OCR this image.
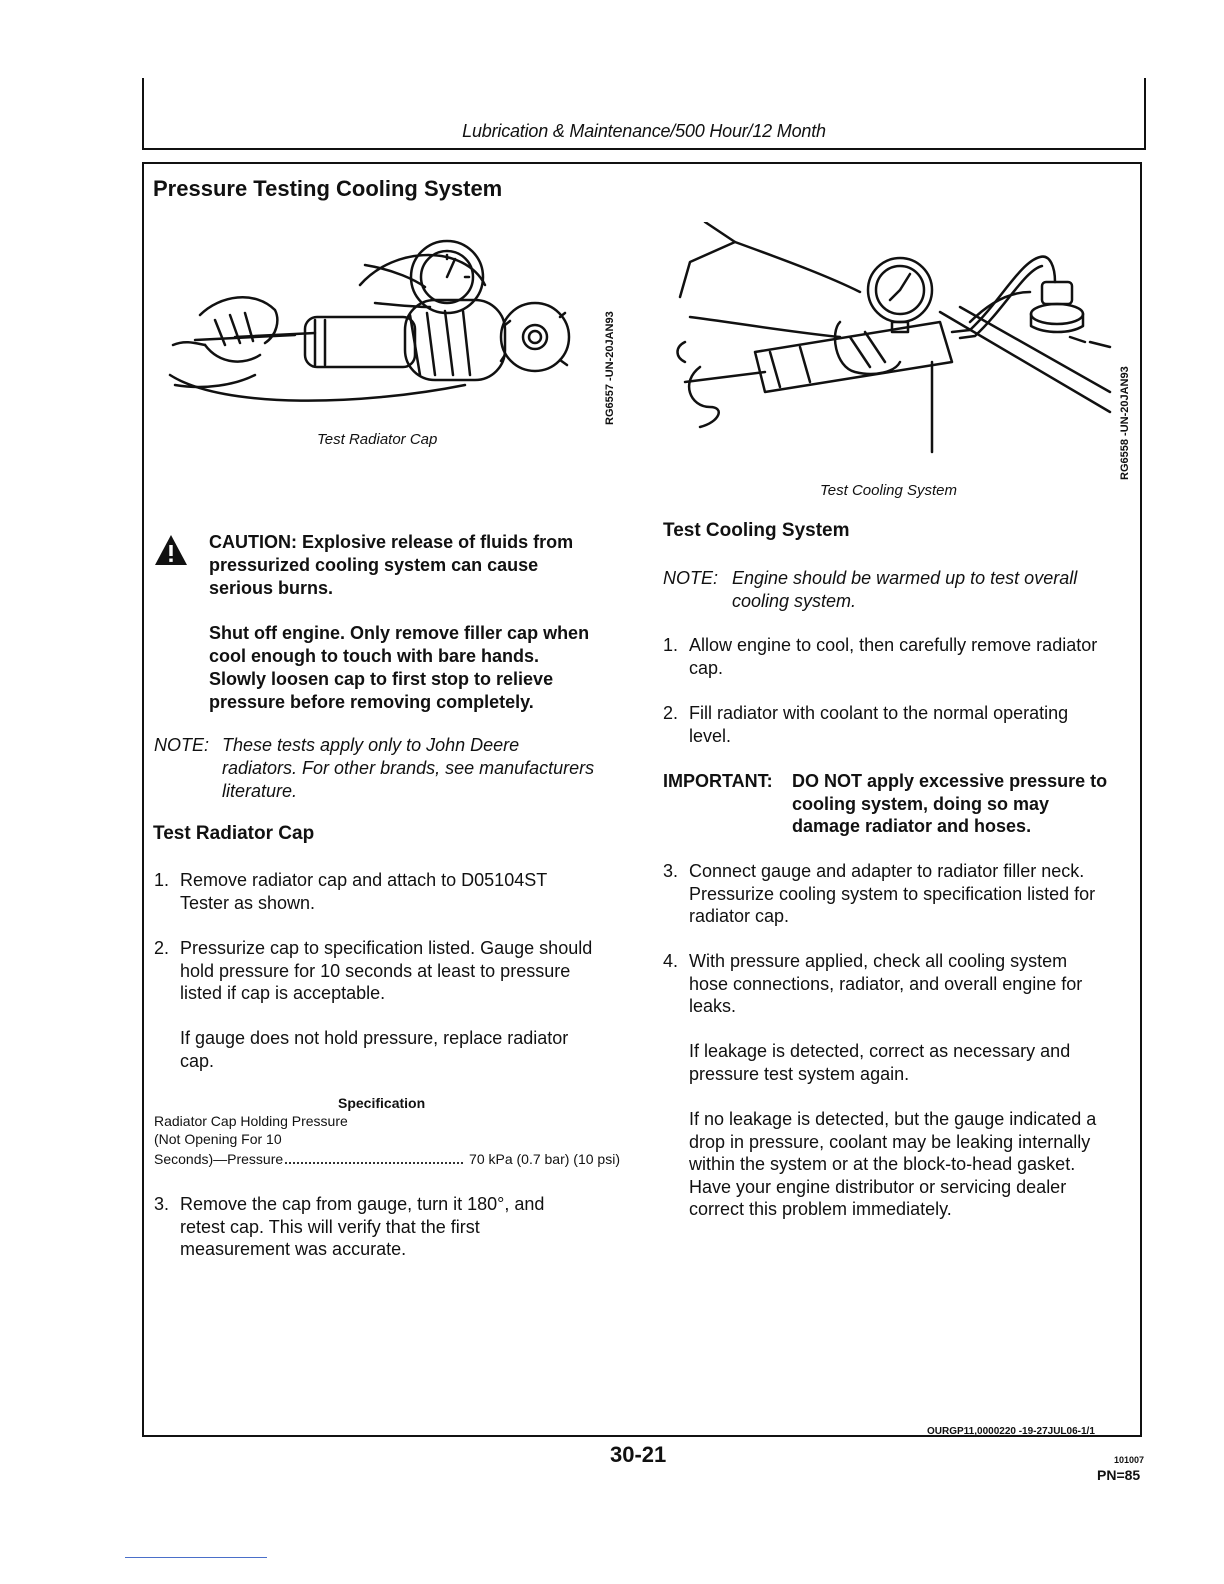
Lubrication & Maintenance/500 Hour/12 Month
Pressure Testing Cooling System
RG6557 -UN-20JAN93
Test Radiator Cap	RG6558 -UN-20JAN93
Test Cooling System
CAUTION: Explosive release of fluids from
pressurized cooling system can cause
serious burns.
Shut off engine. Only remove filler cap when
cool enough to touch with bare hands.
Slowly loosen cap to first stop to relieve
pressure before removing completely.
NOTE: These tests apply only to John Deere
radiators. For other brands, see manufacturers
literature.
Test Radiator Cap
1. Remove radiator cap and attach to D05104ST
Tester as shown.
2. Pressurize cap to specification listed. Gauge should
hold pressure for 10 seconds at least to pressure
listed if cap is acceptable.
If gauge does not hold pressure, replace radiator
cap.
Specification
Radiator Cap Holding Pressure
(Not Opening For 10
Seconds)—Pressure	70 kPa (0.7 bar) (10 psi)
3. Remove the cap from gauge, turn it 180°, and
retest cap. This will verify that the first
measurement was accurate.
Test Cooling System
NOTE: Engine should be warmed up to test overall
cooling system.
1. Allow engine to cool, then carefully remove radiator
cap.
2. Fill radiator with coolant to the normal operating
level.
IMPORTANT: DO NOT apply excessive pressure to
cooling system, doing so may
damage radiator and hoses.
3. Connect gauge and adapter to radiator filler neck.
Pressurize cooling system to specification listed for
radiator cap.
4. With pressure applied, check all cooling system
hose connections, radiator, and overall engine for
leaks.
If leakage is detected, correct as necessary and
pressure test system again.
If no leakage is detected, but the gauge indicated a
drop in pressure, coolant may be leaking internally
within the system or at the block-to-head gasket.
Have your engine distributor or servicing dealer
correct this problem immediately.
OURGP11,0000220 -19-27JUL06-1/1
30-21	101007
PN=85
